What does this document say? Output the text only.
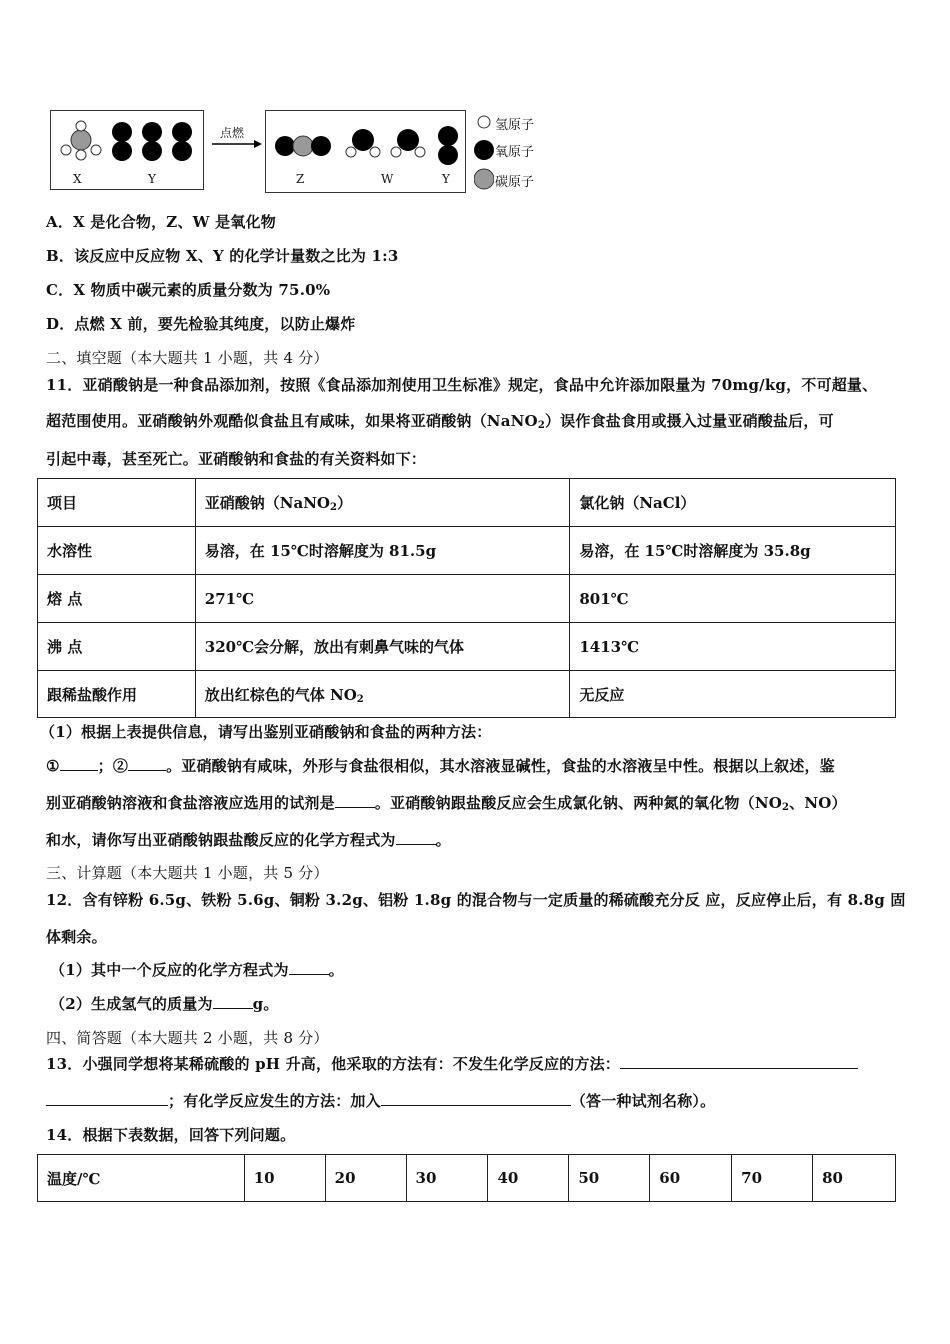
X	Y
点燃
Z	W	Y
氢原子
氧原子
碳原子
A．X 是化合物，Z、W 是氧化物
B．该反应中反应物 X、Y 的化学计量数之比为 1:3
C．X 物质中碳元素的质量分数为 75.0%
D．点燃 X 前，要先检验其纯度，以防止爆炸
二、填空题（本大题共 1 小题，共 4 分）
11．亚硝酸钠是一种食品添加剂，按照《食品添加剂使用卫生标准》规定，食品中允许添加限量为 70mg/kg，不可超量、
超范围使用。亚硝酸钠外观酷似食盐且有咸味，如果将亚硝酸钠（NaNO$_2$）误作食盐食用或摄入过量亚硝酸盐后，可
引起中毒，甚至死亡。亚硝酸钠和食盐的有关资料如下：
项目	亚硝酸钠（NaNO$_2$）	氯化钠（NaCl）
水溶性	易溶，在 15℃时溶解度为 81.5g	易溶，在 15℃时溶解度为 35.8g
熔 点	271℃	801℃
沸 点	320℃会分解，放出有刺鼻气味的气体	1413℃
跟稀盐酸作用	放出红棕色的气体 $NO_2$	无反应
（1）根据上表提供信息，请写出鉴别亚硝酸钠和食盐的两种方法：
①	；②	。亚硝酸钠有咸味，外形与食盐很相似，其水溶液显碱性，食盐的水溶液呈中性。根据以上叙述，鉴
别亚硝酸钠溶液和食盐溶液应选用的试剂是	。亚硝酸钠跟盐酸反应会生成氯化钠、两种氮的氧化物（$NO_2$、NO）
和水，请你写出亚硝酸钠跟盐酸反应的化学方程式为	。
三、计算题（本大题共 1 小题，共 5 分）
12．含有锌粉 6.5g、铁粉 5.6g、铜粉 3.2g、铝粉 1.8g 的混合物与一定质量的稀硫酸充分反 应，反应停止后，有 8.8g 固
体剩余。
（1）其中一个反应的化学方程式为	。
（2）生成氢气的质量为	g。
四、简答题（本大题共 2 小题，共 8 分）
13．小强同学想将某稀硫酸的 pH 升高，他采取的方法有：不发生化学反应的方法：
；有化学反应发生的方法：加入	（答一种试剂名称）。
14．根据下表数据，回答下列问题。
温度/℃	10	20	30	40	50	60	70	80
